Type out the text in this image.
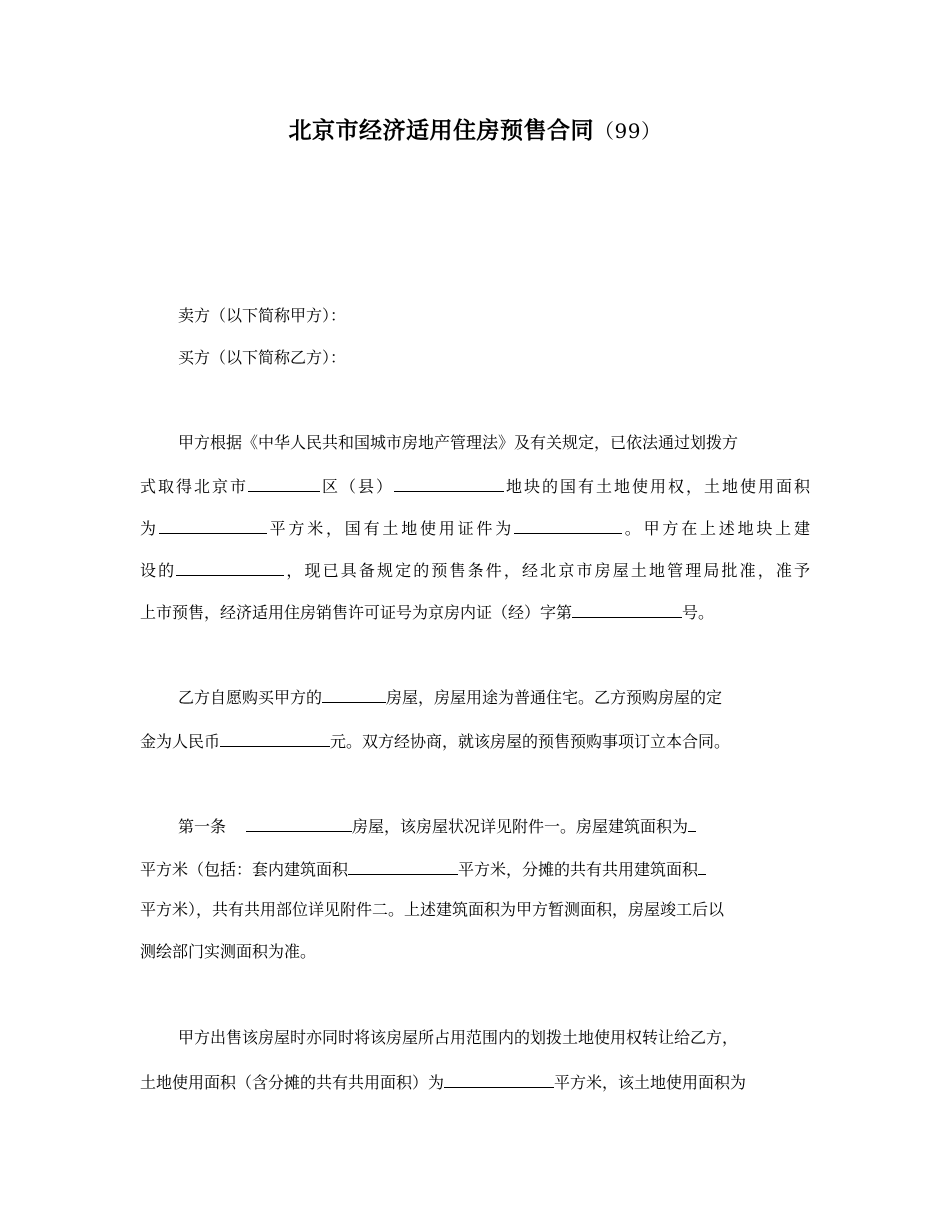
北京市经济适用住房预售合同（99）
卖方（以下简称甲方）：
买方（以下简称乙方）：
甲方根据《中华人民共和国城市房地产管理法》及有关规定，已依法通过划拨方
式取得北京市	区（县）	地块的国有土地使用权，土地使用面积
为	平方米，国有土地使用证件为	。甲方在上述地块上建
设的	，现已具备规定的预售条件，经北京市房屋土地管理局批准，准予
上市预售，经济适用住房销售许可证号为京房内证（经）字第	号。
乙方自愿购买甲方的	房屋，房屋用途为普通住宅。乙方预购房屋的定
金为人民币	元。双方经协商，就该房屋的预售预购事项订立本合同。
第一条	房屋，该房屋状况详见附件一。房屋建筑面积为
平方米（包括：套内建筑面积	平方米，分摊的共有共用建筑面积
平方米），共有共用部位详见附件二。上述建筑面积为甲方暂测面积，房屋竣工后以
测绘部门实测面积为准。
甲方出售该房屋时亦同时将该房屋所占用范围内的划拨土地使用权转让给乙方，
土地使用面积（含分摊的共有共用面积）为	平方米，该土地使用面积为
